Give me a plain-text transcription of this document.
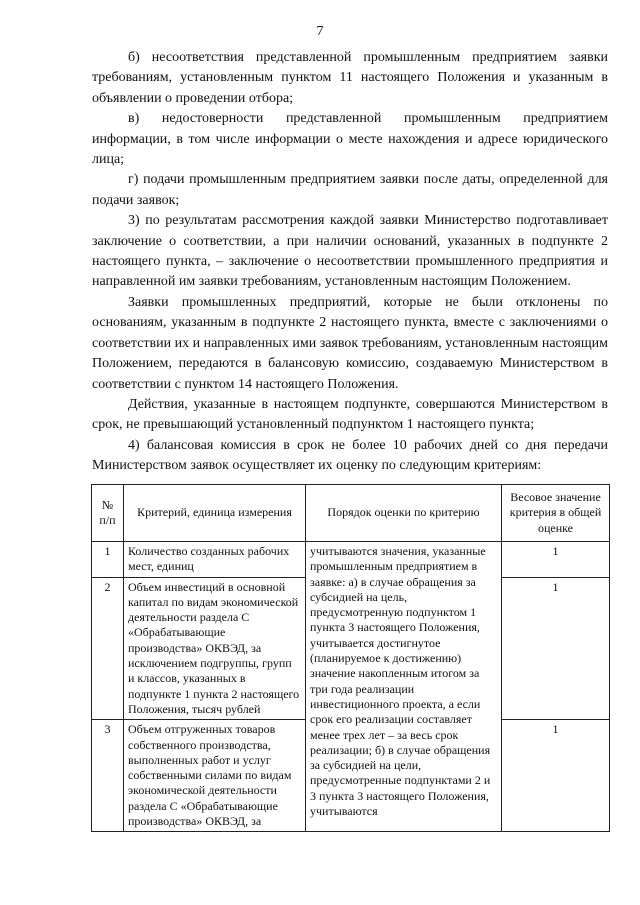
7

б) несоответствия представленной промышленным предприятием заявки требованиям, установленным пунктом 11 настоящего Положения и указанным в объявлении о проведении отбора;

в) недостоверности представленной промышленным предприятием информации, в том числе информации о месте нахождения и адресе юридического лица;

г) подачи промышленным предприятием заявки после даты, определенной для подачи заявок;

3) по результатам рассмотрения каждой заявки Министерство подготавливает заключение о соответствии, а при наличии оснований, указанных в подпункте 2 настоящего пункта, – заключение о несоответствии промышленного предприятия и направленной им заявки требованиям, установленным настоящим Положением.

Заявки промышленных предприятий, которые не были отклонены по основаниям, указанным в подпункте 2 настоящего пункта, вместе с заключениями о соответствии их и направленных ими заявок требованиям, установленным настоящим Положением, передаются в балансовую комиссию, создаваемую Министерством в соответствии с пунктом 14 настоящего Положения.

Действия, указанные в настоящем подпункте, совершаются Министерством в срок, не превышающий установленный подпунктом 1 настоящего пункта;

4) балансовая комиссия в срок не более 10 рабочих дней со дня передачи Министерством заявок осуществляет их оценку по следующим критериям:

№ п/п	Критерий, единица измерения	Порядок оценки по критерию	Весовое значение критерия в общей оценке
1	Количество созданных рабочих мест, единиц	учитываются значения, указанные промышленным предприятием в заявке: а) в случае обращения за субсидией на цель, предусмотренную подпунктом 1 пункта 3 настоящего Положения, учитывается достигнутое (планируемое к достижению) значение накопленным итогом за три года реализации инвестиционного проекта, а если срок его реализации составляет менее трех лет – за весь срок реализации; б) в случае обращения за субсидией на цели, предусмотренные подпунктами 2 и 3 пункта 3 настоящего Положения, учитываются	1
2	Объем инвестиций в основной капитал по видам экономической деятельности раздела C «Обрабатывающие производства» ОКВЭД, за исключением подгруппы, групп и классов, указанных в подпункте 1 пункта 2 настоящего Положения, тысяч рублей		1
3	Объем отгруженных товаров собственного производства, выполненных работ и услуг собственными силами по видам экономической деятельности раздела C «Обрабатывающие производства» ОКВЭД, за		1
